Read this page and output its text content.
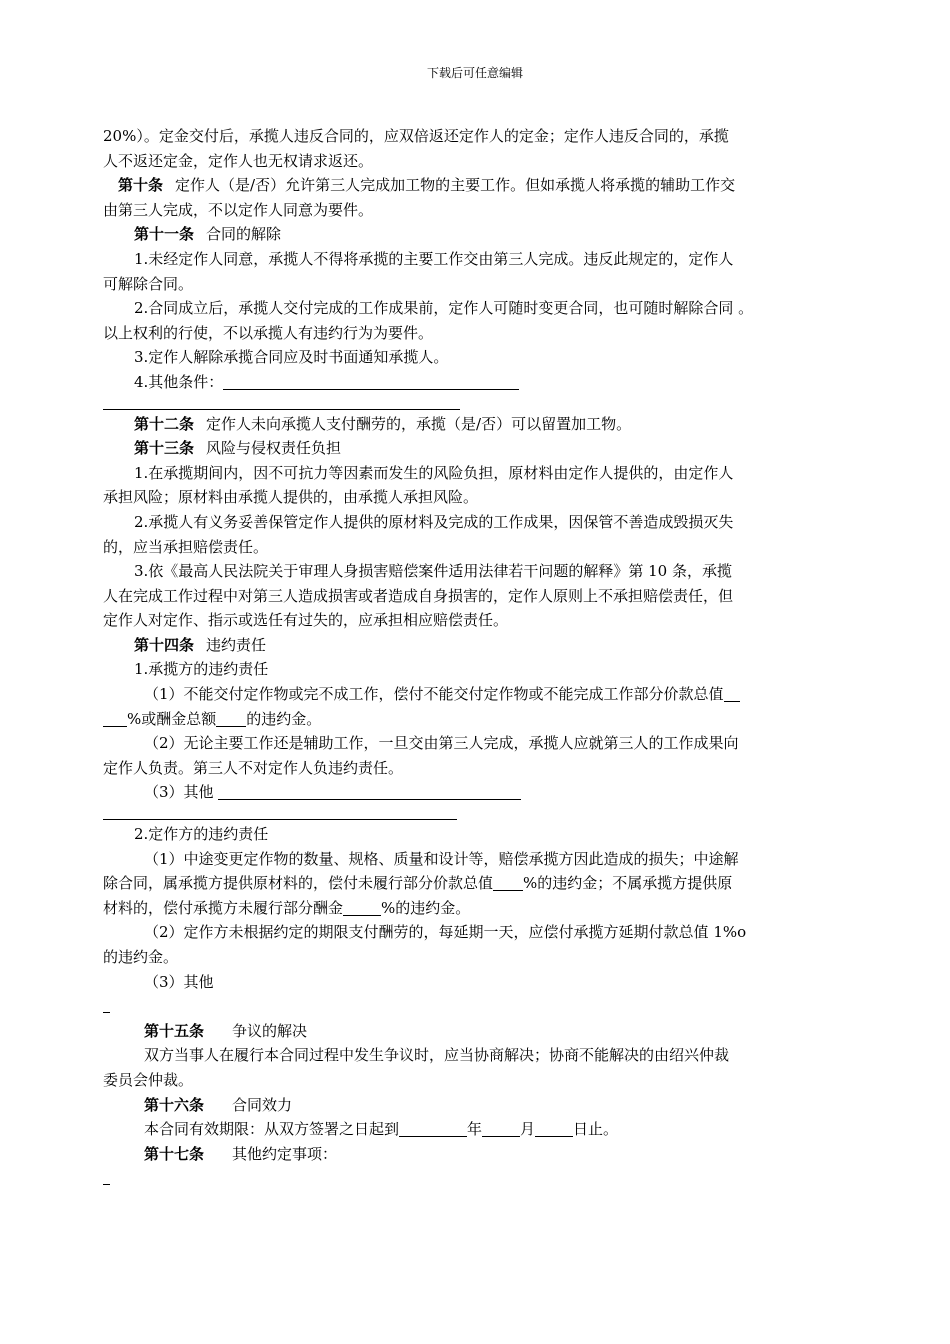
下载后可任意编辑

20%）。定金交付后，承揽人违反合同的，应双倍返还定作人的定金；定作人违反合同的，承揽
人不返还定金，定作人也无权请求返还。

第十条 定作人（是/否）允许第三人完成加工物的主要工作。但如承揽人将承揽的辅助工作交
由第三人完成，不以定作人同意为要件。

第十一条 合同的解除

1.未经定作人同意，承揽人不得将承揽的主要工作交由第三人完成。违反此规定的，定作人
可解除合同。

2.合同成立后，承揽人交付完成的工作成果前，定作人可随时变更合同，也可随时解除合同 。
以上权利的行使，不以承揽人有违约行为为要件。

3.定作人解除承揽合同应及时书面通知承揽人。

4.其他条件：

第十二条 定作人未向承揽人支付酬劳的，承揽（是/否）可以留置加工物。

第十三条 风险与侵权责任负担

1.在承揽期间内，因不可抗力等因素而发生的风险负担，原材料由定作人提供的，由定作人
承担风险；原材料由承揽人提供的，由承揽人承担风险。

2.承揽人有义务妥善保管定作人提供的原材料及完成的工作成果，因保管不善造成毁损灭失
的，应当承担赔偿责任。

3.依《最高人民法院关于审理人身损害赔偿案件适用法律若干问题的解释》第 10 条，承揽
人在完成工作过程中对第三人造成损害或者造成自身损害的，定作人原则上不承担赔偿责任，但
定作人对定作、指示或选任有过失的，应承担相应赔偿责任。

第十四条 违约责任

1.承揽方的违约责任

（1）不能交付定作物或完不成工作，偿付不能交付定作物或不能完成工作部分价款总值
%或酬金总额 的违约金。

（2）无论主要工作还是辅助工作，一旦交由第三人完成，承揽人应就第三人的工作成果向
定作人负责。第三人不对定作人负违约责任。

（3）其他

2.定作方的违约责任

（1）中途变更定作物的数量、规格、质量和设计等，赔偿承揽方因此造成的损失；中途解
除合同，属承揽方提供原材料的，偿付未履行部分价款总值 %的违约金；不属承揽方提供原
材料的，偿付承揽方未履行部分酬金	%的违约金。

（2）定作方未根据约定的期限支付酬劳的，每延期一天，应偿付承揽方延期付款总值 1%o
的违约金。

（3）其他

第十五条 争议的解决

双方当事人在履行本合同过程中发生争议时，应当协商解决；协商不能解决的由绍兴仲裁
委员会仲裁。

第十六条 合同效力

本合同有效期限：从双方签署之日起到	年	月	日止。

第十七条 其他约定事项：
